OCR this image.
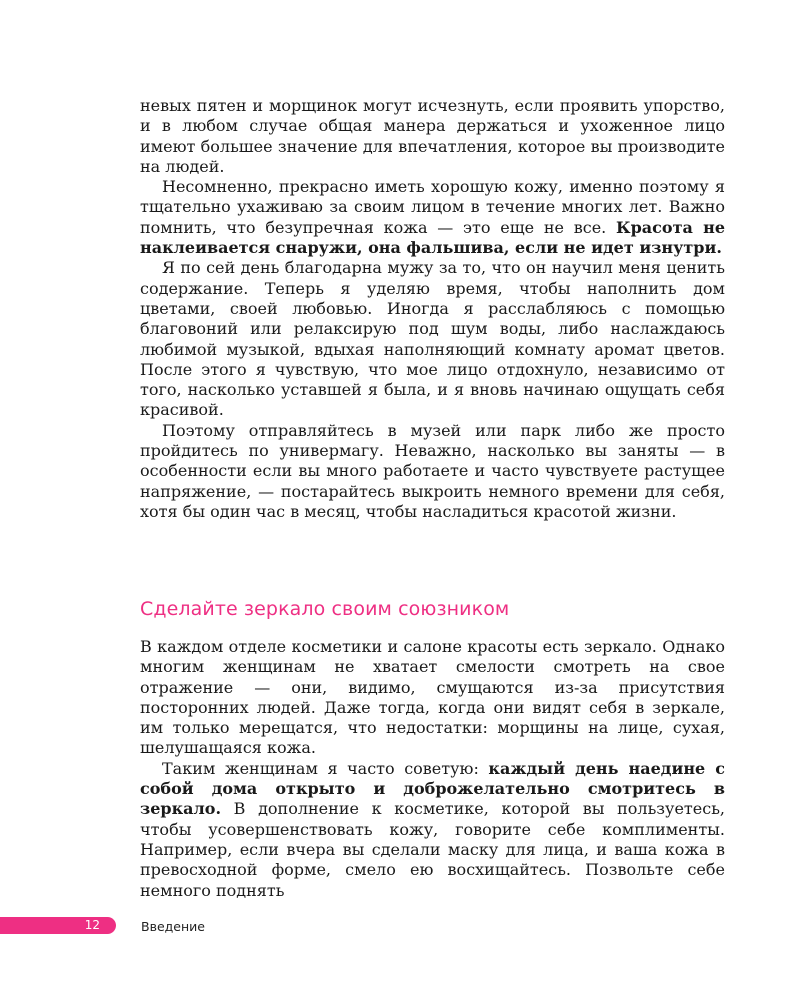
невых пятен и морщинок могут исчезнуть, если проявить упорство, и в любом случае общая манера держаться и ухоженное лицо имеют большее значение для впечатления, которое вы производите на людей.

Несомненно, прекрасно иметь хорошую кожу, именно поэтому я тщательно ухаживаю за своим лицом в течение многих лет. Важно помнить, что безупречная кожа — это еще не все. Красота не наклеивается снаружи, она фальшива, если не идет изнутри.

Я по сей день благодарна мужу за то, что он научил меня ценить содержание. Теперь я уделяю время, чтобы наполнить дом цветами, своей любовью. Иногда я расслабляюсь с помощью благовоний или релаксирую под шум воды, либо наслаждаюсь любимой музыкой, вдыхая наполняющий комнату аромат цветов. После этого я чувствую, что мое лицо отдохнуло, независимо от того, насколько уставшей я была, и я вновь начинаю ощущать себя красивой.

Поэтому отправляйтесь в музей или парк либо же просто пройдитесь по универмагу. Неважно, насколько вы заняты — в особенности если вы много работаете и часто чувствуете растущее напряжение, — постарайтесь выкроить немного времени для себя, хотя бы один час в месяц, чтобы насладиться красотой жизни.

Сделайте зеркало своим союзником

В каждом отделе косметики и салоне красоты есть зеркало. Однако многим женщинам не хватает смелости смотреть на свое отражение — они, видимо, смущаются из-за присутствия посторонних людей. Даже тогда, когда они видят себя в зеркале, им только мерещатся, что недостатки: морщины на лице, сухая, шелушащаяся кожа.

Таким женщинам я часто советую: каждый день наедине с собой дома открыто и доброжелательно смотритесь в зеркало. В дополнение к косметике, которой вы пользуетесь, чтобы усовершенствовать кожу, говорите себе комплименты. Например, если вчера вы сделали маску для лица, и ваша кожа в превосходной форме, смело ею восхищайтесь. Позвольте себе немного поднять

12	Введение
